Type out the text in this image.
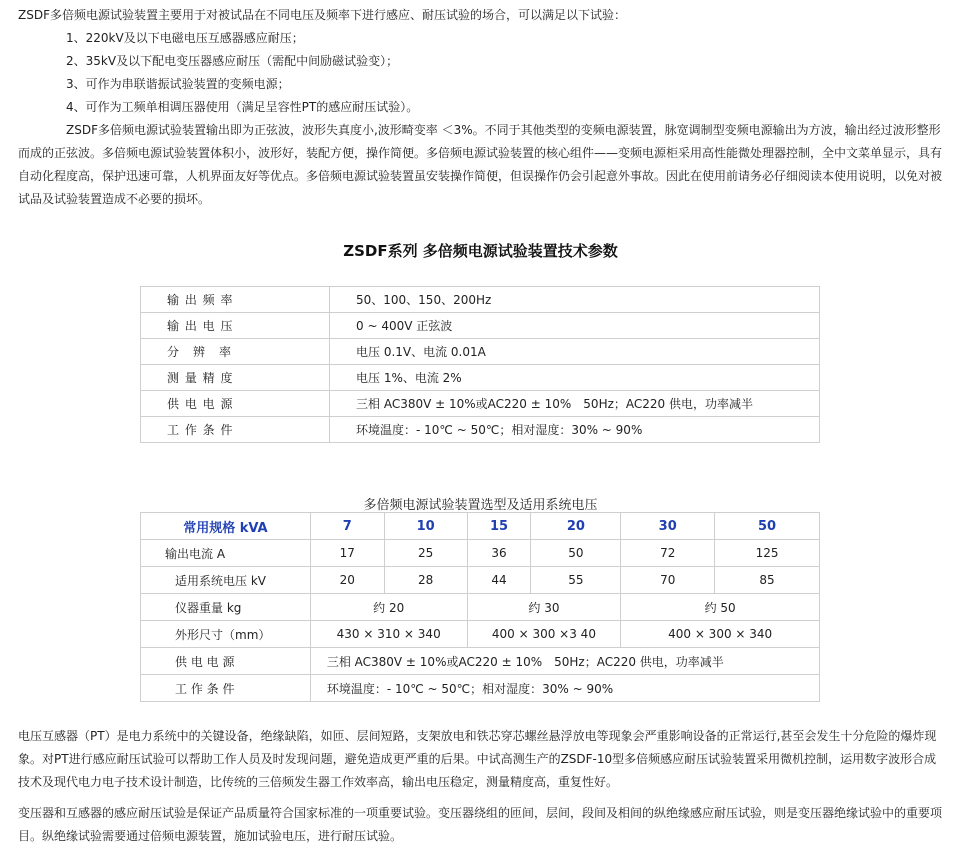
ZSDF多倍频电源试验装置主要用于对被试品在不同电压及频率下进行感应、耐压试验的场合，可以满足以下试验：

1、220kV及以下电磁电压互感器感应耐压；

2、35kV及以下配电变压器感应耐压（需配中间励磁试验变）；

3、可作为串联谐振试验装置的变频电源；

4、可作为工频单相调压器使用（满足呈容性PT的感应耐压试验）。

ZSDF多倍频电源试验装置输出即为正弦波，波形失真度小,波形畸变率 ＜3%。不同于其他类型的变频电源装置，脉宽调制型变频电源输出为方波，输出经过波形整形而成的正弦波。多倍频电源试验装置体积小，波形好，装配方便，操作简便。多倍频电源试验装置的核心组件——变频电源柜采用高性能微处理器控制，全中文菜单显示，具有自动化程度高，保护迅速可靠，人机界面友好等优点。多倍频电源试验装置虽安装操作简便，但误操作仍会引起意外事故。因此在使用前请务必仔细阅读本使用说明，以免对被试品及试验装置造成不必要的损坏。

ZSDF系列 多倍频电源试验装置技术参数
输 出 频 率	50、100、150、200Hz
输 出 电 压	0 ~ 400V 正弦波
分　辨　率	电压 0.1V、电流 0.01A
测 量 精 度	电压 1%、电流 2%
供 电 电 源	三相 AC380V ± 10%或AC220 ± 10%　50Hz；AC220 供电，功率减半
工 作 条 件	环境温度：- 10℃ ~ 50℃；相对湿度：30% ~ 90%
多倍频电源试验装置选型及适用系统电压
常用规格 kVA	7	10	15	20	30	50
输出电流 A	17	25	36	50	72	125
适用系统电压 kV	20	28	44	55	70	85
仪器重量 kg	约 20		约 30		约 50	
外形尺寸（mm）	430 × 310 × 340		400 × 300 ×3 40		400 × 300 × 340	
供 电 电 源	三相 AC380V ± 10%或AC220 ± 10%　50Hz；AC220 供电，功率减半					
工 作 条 件	环境温度：- 10℃ ~ 50℃；相对湿度：30% ~ 90%					

电压互感器（PT）是电力系统中的关键设备，绝缘缺陷，如匝、层间短路，支架放电和铁芯穿芯螺丝悬浮放电等现象会严重影响设备的正常运行,甚至会发生十分危险的爆炸现象。对PT进行感应耐压试验可以帮助工作人员及时发现问题，避免造成更严重的后果。中试高测生产的ZSDF-10型多倍频感应耐压试验装置采用微机控制，运用数字波形合成技术及现代电力电子技术设计制造，比传统的三倍频发生器工作效率高，输出电压稳定，测量精度高，重复性好。

变压器和互感器的感应耐压试验是保证产品质量符合国家标准的一项重要试验。变压器绕组的匝间，层间，段间及相间的纵绝缘感应耐压试验，则是变压器绝缘试验中的重要项目。纵绝缘试验需要通过倍频电源装置，施加试验电压，进行耐压试验。
